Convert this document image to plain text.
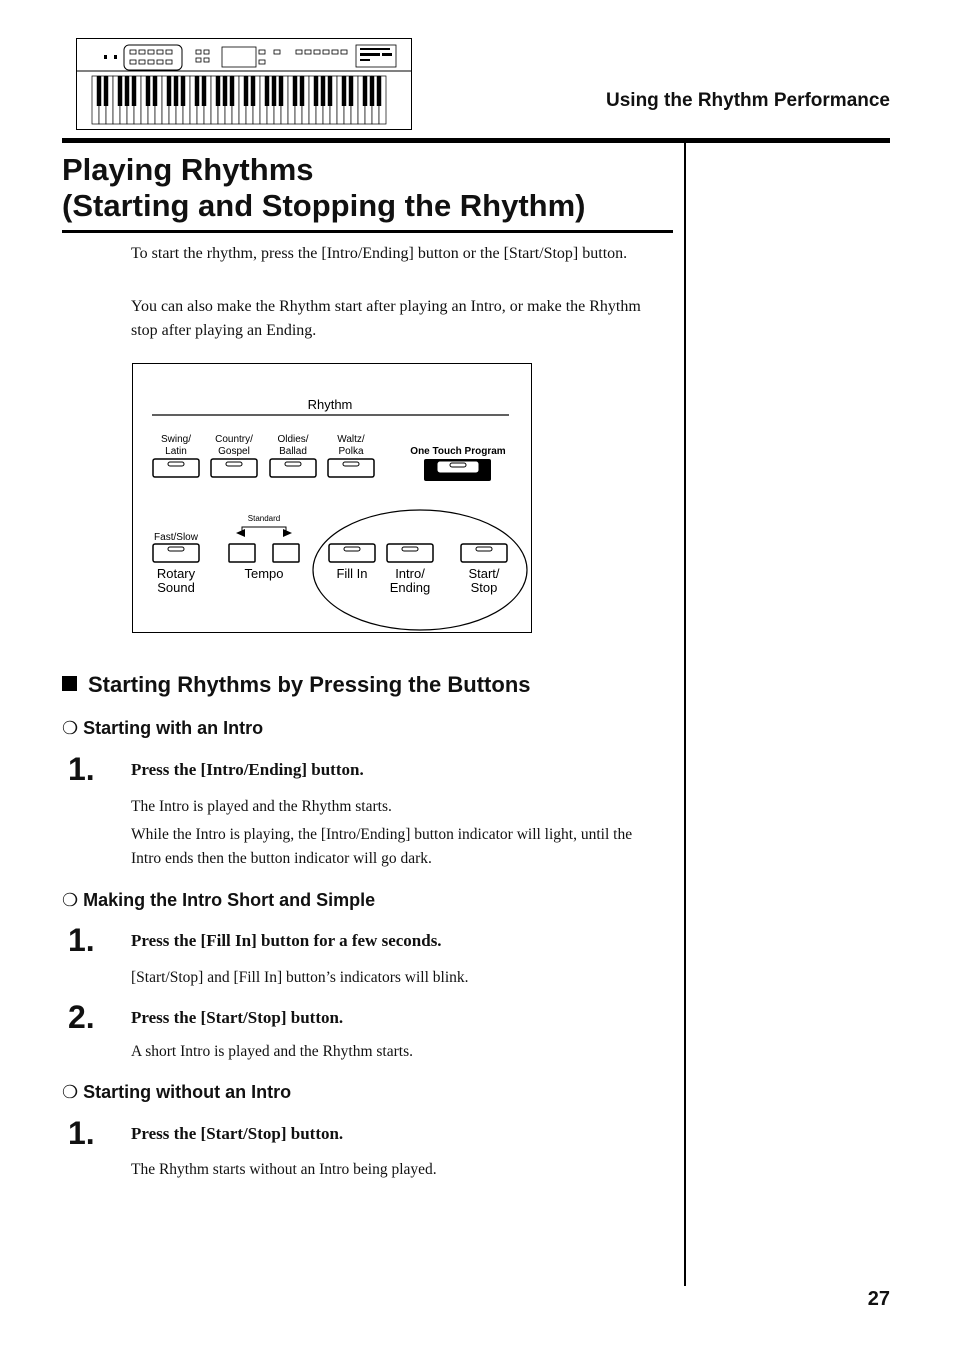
Using the Rhythm Performance
Playing Rhythms
(Starting and Stopping the Rhythm)
To start the rhythm, press the [Intro/Ending] button or the [Start/Stop] button.
You can also make the Rhythm start after playing an Intro, or make the Rhythm stop after playing an Ending.
Rhythm
Swing/
Latin
Country/
Gospel
Oldies/
Ballad
Waltz/
Polka	One Touch Program
Fast/Slow
Rotary
Sound
Standard
Tempo	Fill In Intro/
Ending
Start/
Stop
Starting Rhythms by Pressing the Buttons
❍ Starting with an Intro
1. Press the [Intro/Ending] button.
The Intro is played and the Rhythm starts.
While the Intro is playing, the [Intro/Ending] button indicator will light, until the Intro ends then the button indicator will go dark.
❍ Making the Intro Short and Simple
1. Press the [Fill In] button for a few seconds.
[Start/Stop] and [Fill In] button’s indicators will blink.
2. Press the [Start/Stop] button.
A short Intro is played and the Rhythm starts.
❍ Starting without an Intro
1. Press the [Start/Stop] button.
The Rhythm starts without an Intro being played.
27
